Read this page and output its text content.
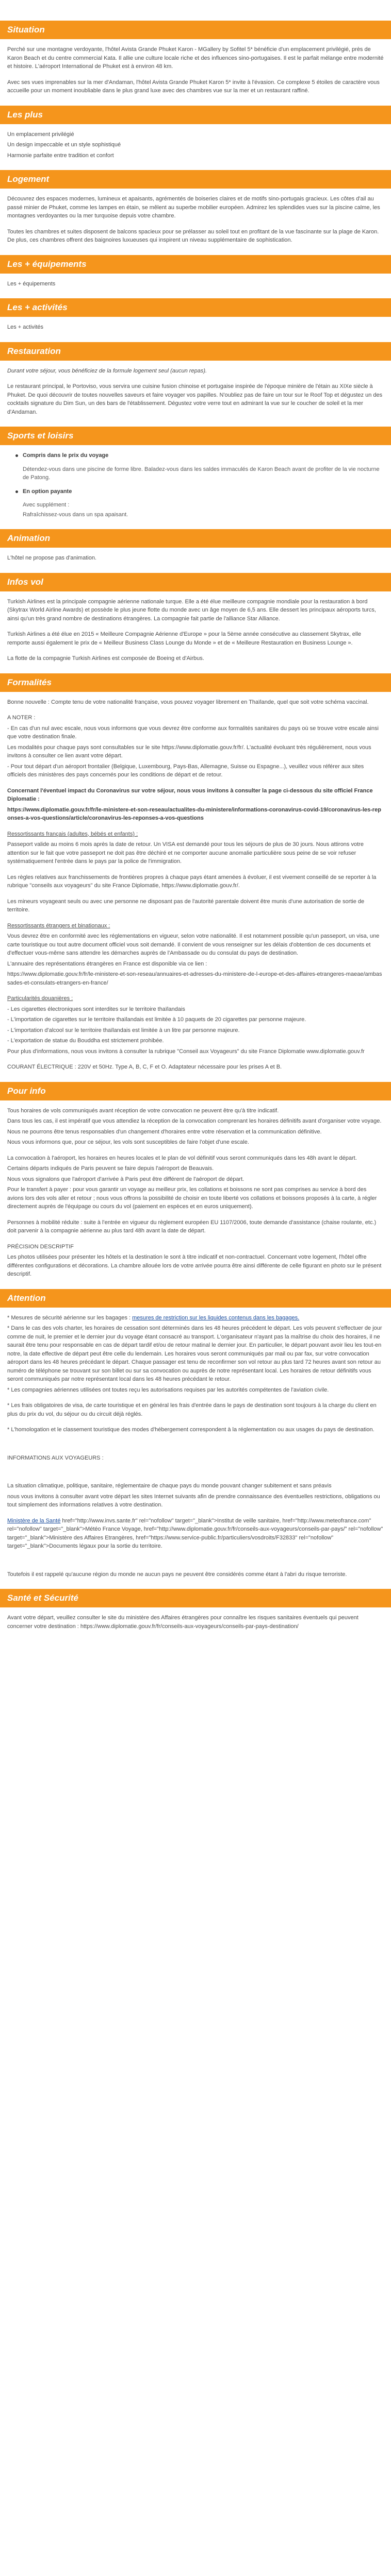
Situation

Perché sur une montagne verdoyante, l'hôtel Avista Grande Phuket Karon - MGallery by Sofitel 5* bénéficie d'un emplacement privilégié, près de Karon Beach et du centre commercial Kata. Il allie une culture locale riche et des influences sino-portugaises. Il est le parfait mélange entre modernité et histoire. L'aéroport International de Phuket est à environ 48 km.

Avec ses vues imprenables sur la mer d'Andaman, l'hôtel Avista Grande Phuket Karon 5* invite à l'évasion. Ce complexe 5 étoiles de caractère vous accueille pour un moment inoubliable dans le plus grand luxe avec des chambres vue sur la mer et un restaurant raffiné.

Les plus

Un emplacement privilégié

Un design impeccable et un style sophistiqué

Harmonie parfaite entre tradition et confort

Logement

Découvrez des espaces modernes, lumineux et apaisants, agrémentés de boiseries claires et de motifs sino-portugais gracieux. Les côtes d'ail au passé minier de Phuket, comme les lampes en étain, se mêlent au superbe mobilier européen. Admirez les splendides vues sur la piscine calme, les montagnes verdoyantes ou la mer turquoise depuis votre chambre.

Toutes les chambres et suites disposent de balcons spacieux pour se prélasser au soleil tout en profitant de la vue fascinante sur la plage de Karon. De plus, ces chambres offrent des baignoires luxueuses qui inspirent un niveau supplémentaire de sophistication.

Les + équipements

Les + équipements

Les + activités

Les + activités

Restauration

Durant votre séjour, vous bénéficiez de la formule logement seul (aucun repas).

Le restaurant principal, le Portoviso, vous servira une cuisine fusion chinoise et portugaise inspirée de l'époque minière de l'étain au XIXe siècle à Phuket. De quoi découvrir de toutes nouvelles saveurs et faire voyager vos papilles. N'oubliez pas de faire un tour sur le Roof Top et dégustez un des cocktails signature du Dim Sun, un des bars de l'établissement. Dégustez votre verre tout en admirant la vue sur le coucher de soleil et la mer d'Andaman.

Sports et loisirs
Compris dans le prix du voyage
Détendez-vous dans une piscine de forme libre. Baladez-vous dans les saldes immaculés de Karon Beach avant de profiter de la vie nocturne de Patong.
En option payante
Avec supplément :
Rafraîchissez-vous dans un spa apaisant.
Animation

L'hôtel ne propose pas d'animation.

Infos vol

Turkish Airlines est la principale compagnie aérienne nationale turque. Elle a été élue meilleure compagnie mondiale pour la restauration à bord (Skytrax World Airline Awards) et possède le plus jeune flotte du monde avec un âge moyen de 6,5 ans. Elle dessert les principaux aéroports turcs, ainsi qu'un très grand nombre de destinations étrangères. La compagnie fait partie de l'alliance Star Alliance.

Turkish Airlines a été élue en 2015 « Meilleure Compagnie Aérienne d'Europe » pour la 5ème année consécutive au classement Skytrax, elle remporte aussi également le prix de « Meilleur Business Class Lounge du Monde » et de « Meilleure Restauration en Business Lounge ».

La flotte de la compagnie Turkish Airlines est composée de Boeing et d'Airbus.

Formalités

Bonne nouvelle : Compte tenu de votre nationalité française, vous pouvez voyager librement en Thaïlande, quel que soit votre schéma vaccinal.

A NOTER :

- En cas d'un nul avec escale, nous vous informons que vous devrez être conforme aux formalités sanitaires du pays où se trouve votre escale ainsi que votre destination finale.

Les modalités pour chaque pays sont consultables sur le site https://www.diplomatie.gouv.fr/fr/. L'actualité évoluant très régulièrement, nous vous invitons à consulter ce lien avant votre départ.

- Pour tout départ d'un aéroport frontalier (Belgique, Luxembourg, Pays-Bas, Allemagne, Suisse ou Espagne...), veuillez vous référer aux sites officiels des ministères des pays concernés pour les conditions de départ et de retour.

Concernant l'éventuel impact du Coronavirus sur votre séjour, nous vous invitons à consulter la page ci-dessous du site officiel France Diplomatie :

https://www.diplomatie.gouv.fr/fr/le-ministere-et-son-reseau/actualites-du-ministere/informations-coronavirus-covid-19/coronavirus-les-reponses-a-vos-questions/article/coronavirus-les-reponses-a-vos-questions

Ressortissants français (adultes, bébés et enfants) :

Passeport valide au moins 6 mois après la date de retour. Un VISA est demandé pour tous les séjours de plus de 30 jours. Nous attirons votre attention sur le fait que votre passeport ne doit pas être déchiré et ne comporter aucune anomalie particulière sous peine de se voir refuser systématiquement l'entrée dans le pays par la police de l'immigration.

Les règles relatives aux franchissements de frontières propres à chaque pays étant amenées à évoluer, il est vivement conseillé de se reporter à la rubrique "conseils aux voyageurs" du site France Diplomatie, https://www.diplomatie.gouv.fr/.

Les mineurs voyageant seuls ou avec une personne ne disposant pas de l'autorité parentale doivent être munis d'une autorisation de sortie de territoire.

Ressortissants étrangers et binationaux :

Vous devrez être en conformité avec les réglementations en vigueur, selon votre nationalité. Il est notamment possible qu'un passeport, un visa, une carte touristique ou tout autre document officiel vous soit demandé. Il convient de vous renseigner sur les délais d'obtention de ces documents et d'effectuer vous-même sans attendre les démarches auprès de l'Ambassade ou du consulat du pays de destination.

L'annuaire des représentations étrangères en France est disponible via ce lien :

https://www.diplomatie.gouv.fr/fr/le-ministere-et-son-reseau/annuaires-et-adresses-du-ministere-de-l-europe-et-des-affaires-etrangeres-maeae/ambassades-et-consulats-etrangers-en-france/

Particularités douanières :

- Les cigarettes électroniques sont interdites sur le territoire thaïlandais

- L'importation de cigarettes sur le territoire thaïlandais est limitée à 10 paquets de 20 cigarettes par personne majeure.

- L'importation d'alcool sur le territoire thaïlandais est limitée à un litre par personne majeure.

- L'exportation de statue du Bouddha est strictement prohibée.

Pour plus d'informations, nous vous invitons à consulter la rubrique "Conseil aux Voyageurs" du site France Diplomatie www.diplomatie.gouv.fr

COURANT ÉLECTRIQUE : 220V et 50Hz. Type A, B, C, F et O. Adaptateur nécessaire pour les prises A et B.

Pour info

Tous horaires de vols communiqués avant réception de votre convocation ne peuvent être qu'à titre indicatif.

Dans tous les cas, il est impératif que vous attendiez la réception de la convocation comprenant les horaires définitifs avant d'organiser votre voyage.

Nous ne pourrons être tenus responsables d'un changement d'horaires entre votre réservation et la communication définitive.

Nous vous informons que, pour ce séjour, les vols sont susceptibles de faire l'objet d'une escale.

La convocation à l'aéroport, les horaires en heures locales et le plan de vol définitif vous seront communiqués dans les 48h avant le départ.

Certains départs indiqués de Paris peuvent se faire depuis l'aéroport de Beauvais.

Nous vous signalons que l'aéroport d'arrivée à Paris peut être différent de l'aéroport de départ.

Pour le transfert à payer : pour vous garantir un voyage au meilleur prix, les collations et boissons ne sont pas comprises au service à bord des avions lors des vols aller et retour ; nous vous offrons la possibilité de choisir en toute liberté vos collations et boissons proposés à la carte, à régler directement auprès de l'équipage ou cours du vol (paiement en espèces et en euros uniquement).

Personnes à mobilité réduite : suite à l'entrée en vigueur du règlement européen EU 1107/2006, toute demande d'assistance (chaise roulante, etc.) doit parvenir à la compagnie aérienne au plus tard 48h avant la date de départ.

PRÉCISION DESCRIPTIF

Les photos utilisées pour présenter les hôtels et la destination le sont à titre indicatif et non-contractuel. Concernant votre logement, l'hôtel offre différentes configurations et décorations. La chambre allouée lors de votre arrivée pourra être ainsi différente de celle figurant en photo sur le présent descriptif.

Attention

* Mesures de sécurité aérienne sur les bagages : mesures de restriction sur les liquides contenus dans les bagages.

* Dans le cas des vols charter, les horaires de cessation sont déterminés dans les 48 heures précédent le départ. Les vols peuvent s'effectuer de jour comme de nuit, le premier et le dernier jour du voyage étant consacré au transport. L'organisateur n'ayant pas la maîtrise du choix des horaires, il ne saurait être tenu pour responsable en cas de départ tardif et/ou de retour matinal le dernier jour. En particulier, le départ pouvant avoir lieu les tout-en notre, la date effective de départ peut être celle du lendemain. Les horaires vous seront communiqués par mail ou par fax, sur votre convocation aéroport dans les 48 heures précédant le départ. Chaque passager est tenu de reconfirmer son vol retour au plus tard 72 heures avant son retour au numéro de téléphone se trouvant sur son billet ou sur sa convocation ou auprès de notre représentant local. Les horaires de retour définitifs vous seront communiqués par notre représentant local dans les 48 heures précédant le retour.

* Les compagnies aériennes utilisées ont toutes reçu les autorisations requises par les autorités compétentes de l'aviation civile.

* Les frais obligatoires de visa, de carte touristique et en général les frais d'entrée dans le pays de destination sont toujours à la charge du client en plus du prix du vol, du séjour ou du circuit déjà réglés.

* L'homologation et le classement touristique des modes d'hébergement correspondent à la réglementation ou aux usages du pays de destination.

INFORMATIONS AUX VOYAGEURS :

La situation climatique, politique, sanitaire, réglementaire de chaque pays du monde pouvant changer subitement et sans préavis

nous vous invitons à consulter avant votre départ les sites Internet suivants afin de prendre connaissance des éventuelles restrictions, obligations ou tout simplement des informations relatives à votre destination.

Ministère de la Santé href="http://www.invs.sante.fr" rel="nofollow" target="_blank">Institut de veille sanitaire, href="http://www.meteofrance.com" rel="nofollow" target="_blank">Météo France Voyage, href="http://www.diplomatie.gouv.fr/fr/conseils-aux-voyageurs/conseils-par-pays/" rel="nofollow" target="_blank">Ministère des Affaires Etrangères, href="https://www.service-public.fr/particuliers/vosdroits/F32833" rel="nofollow" target="_blank">Documents légaux pour la sortie du territoire.

Toutefois il est rappelé qu'aucune région du monde ne aucun pays ne peuvent être considérés comme étant à l'abri du risque terroriste.

Santé et Sécurité

Avant votre départ, veuillez consulter le site du ministère des Affaires étrangères pour connaître les risques sanitaires éventuels qui peuvent concerner votre destination : https://www.diplomatie.gouv.fr/fr/conseils-aux-voyageurs/conseils-par-pays-destination/
